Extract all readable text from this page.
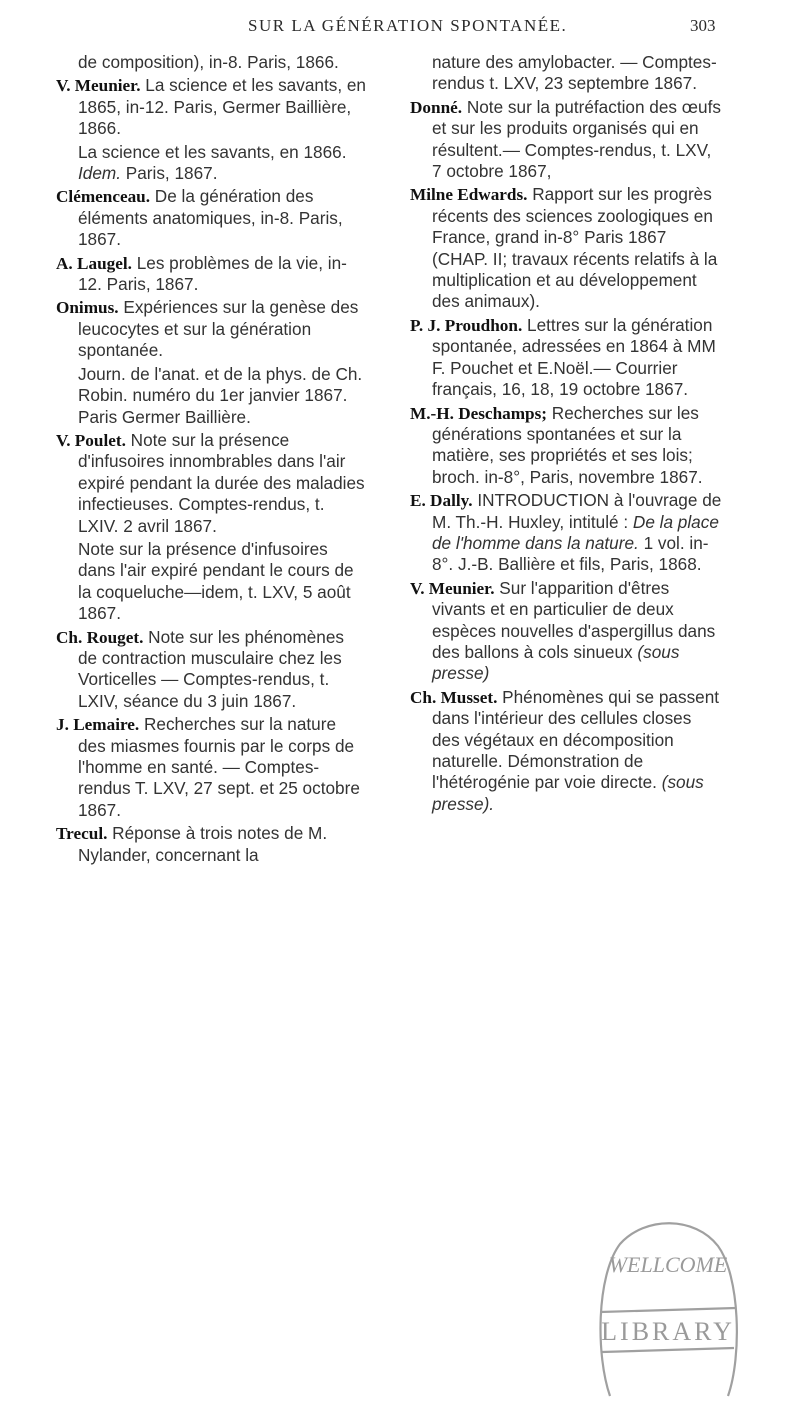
SUR LA GÉNÉRATION SPONTANÉE.	303

de composition), in-8. Paris, 1866.

V. Meunier. La science et les savants, en 1865, in-12. Paris, Germer Baillière, 1866.

La science et les savants, en 1866. Idem. Paris, 1867.

Clémenceau. De la génération des éléments anatomiques, in-8. Paris, 1867.

A. Laugel. Les problèmes de la vie, in-12. Paris, 1867.

Onimus. Expériences sur la genèse des leucocytes et sur la génération spontanée.

Journ. de l'anat. et de la phys. de Ch. Robin. numéro du 1er janvier 1867. Paris Germer Baillière.

V. Poulet. Note sur la présence d'infusoires innombrables dans l'air expiré pendant la durée des maladies infectieuses. Comptes-rendus, t. LXIV. 2 avril 1867.

Note sur la présence d'infusoires dans l'air expiré pendant le cours de la coqueluche—idem, t. LXV, 5 août 1867.

Ch. Rouget. Note sur les phénomènes de contraction musculaire chez les Vorticelles — Comptes-rendus, t. LXIV, séance du 3 juin 1867.

J. Lemaire. Recherches sur la nature des miasmes fournis par le corps de l'homme en santé. — Comptes-rendus T. LXV, 27 sept. et 25 octobre 1867.

Trecul. Réponse à trois notes de M. Nylander, concernant la

nature des amylobacter. — Comptes-rendus t. LXV, 23 septembre 1867.

Donné. Note sur la putréfaction des œufs et sur les produits organisés qui en résultent.— Comptes-rendus, t. LXV, 7 octobre 1867,

Milne Edwards. Rapport sur les progrès récents des sciences zoologiques en France, grand in-8° Paris 1867 (CHAP. II; travaux récents relatifs à la multiplication et au développement des animaux).

P. J. Proudhon. Lettres sur la génération spontanée, adressées en 1864 à MM F. Pouchet et E.Noël.— Courrier français, 16, 18, 19 octobre 1867.

M.-H. Deschamps; Recherches sur les générations spontanées et sur la matière, ses propriétés et ses lois; broch. in-8°, Paris, novembre 1867.

E. Dally. INTRODUCTION à l'ouvrage de M. Th.-H. Huxley, intitulé : De la place de l'homme dans la nature. 1 vol. in-8°. J.-B. Ballière et fils, Paris, 1868.

V. Meunier. Sur l'apparition d'êtres vivants et en particulier de deux espèces nouvelles d'aspergillus dans des ballons à cols sinueux (sous presse)

Ch. Musset. Phénomènes qui se passent dans l'intérieur des cellules closes des végétaux en décomposition naturelle. Démonstration de l'hétérogénie par voie directe. (sous presse).

WELLCOME
LIBRARY
